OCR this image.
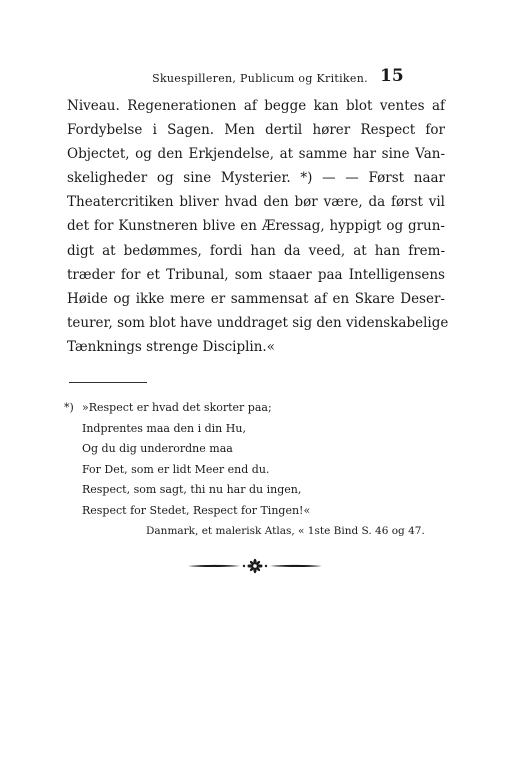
Skuespilleren, Publicum og Kritiken. 15
Niveau. Regenerationen af begge kan blot ventes af
Fordybelse i Sagen. Men dertil hører Respect for
Objectet, og den Erkjendelse, at samme har sine Van-
skeligheder og sine Mysterier. *) — — Først naar
Theatercritiken bliver hvad den bør være, da først vil
det for Kunstneren blive en Æressag, hyppigt og grun-
digt at bedømmes, fordi han da veed, at han frem-
træder for et Tribunal, som staaer paa Intelligensens
Høide og ikke mere er sammensat af en Skare Deser-
teurer, som blot have unddraget sig den videnskabelige
Tænknings strenge Disciplin.«
*) »Respect er hvad det skorter paa;
Indprentes maa den i din Hu,
Og du dig underordne maa
For Det, som er lidt Meer end du.
Respect, som sagt, thi nu har du ingen,
Respect for Stedet, Respect for Tingen!«
Danmark, et malerisk Atlas, « 1ste Bind S. 46 og 47.
